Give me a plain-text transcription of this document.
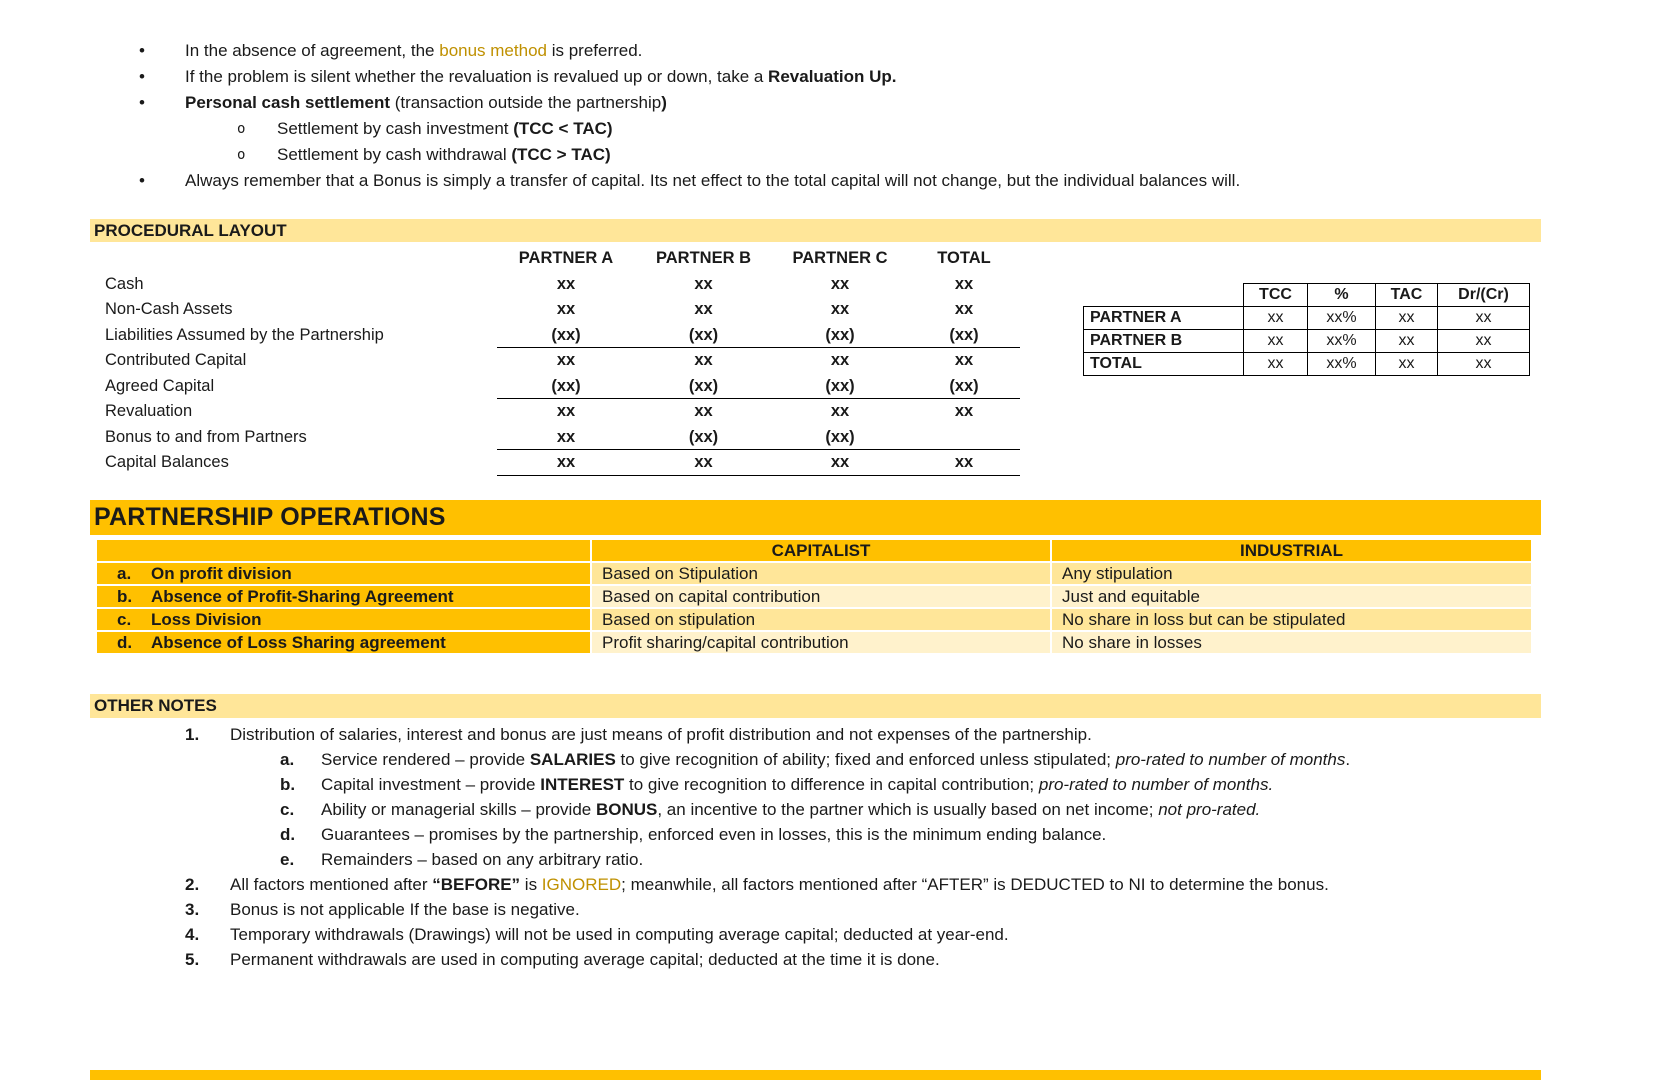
•	In the absence of agreement, the bonus method is preferred.
•	If the problem is silent whether the revaluation is revalued up or down, take a Revaluation Up.
•	Personal cash settlement (transaction outside the partnership)
o	Settlement by cash investment (TCC < TAC)
o	Settlement by cash withdrawal (TCC > TAC)
•	Always remember that a Bonus is simply a transfer of capital. Its net effect to the total capital will not change, but the individual balances will.
PROCEDURAL LAYOUT
PARTNER A	PARTNER B	PARTNER C	TOTAL
Cash	xx	xx	xx	xx
Non-Cash Assets	xx	xx	xx	xx
Liabilities Assumed by the Partnership	(xx)	(xx)	(xx)	(xx)
Contributed Capital	xx	xx	xx	xx
Agreed Capital	(xx)	(xx)	(xx)	(xx)
Revaluation	xx	xx	xx	xx
Bonus to and from Partners	xx	(xx)	(xx)
Capital Balances	xx	xx	xx	xx
	TCC	%	TAC	Dr/(Cr)
PARTNER A	xx	xx%	xx	xx
PARTNER B	xx	xx%	xx	xx
TOTAL	xx	xx%	xx	xx
PARTNERSHIP OPERATIONS
	CAPITALIST	INDUSTRIAL
a. On profit division	Based on Stipulation	Any stipulation
b. Absence of Profit-Sharing Agreement	Based on capital contribution	Just and equitable
c. Loss Division	Based on stipulation	No share in loss but can be stipulated
d. Absence of Loss Sharing agreement	Profit sharing/capital contribution	No share in losses
OTHER NOTES
1.	Distribution of salaries, interest and bonus are just means of profit distribution and not expenses of the partnership.
a.	Service rendered – provide SALARIES to give recognition of ability; fixed and enforced unless stipulated; pro-rated to number of months.
b.	Capital investment – provide INTEREST to give recognition to difference in capital contribution; pro-rated to number of months.
c.	Ability or managerial skills – provide BONUS, an incentive to the partner which is usually based on net income; not pro-rated.
d.	Guarantees – promises by the partnership, enforced even in losses, this is the minimum ending balance.
e.	Remainders – based on any arbitrary ratio.
2.	All factors mentioned after “BEFORE” is IGNORED; meanwhile, all factors mentioned after “AFTER” is DEDUCTED to NI to determine the bonus.
3.	Bonus is not applicable If the base is negative.
4.	Temporary withdrawals (Drawings) will not be used in computing average capital; deducted at year-end.
5.	Permanent withdrawals are used in computing average capital; deducted at the time it is done.
